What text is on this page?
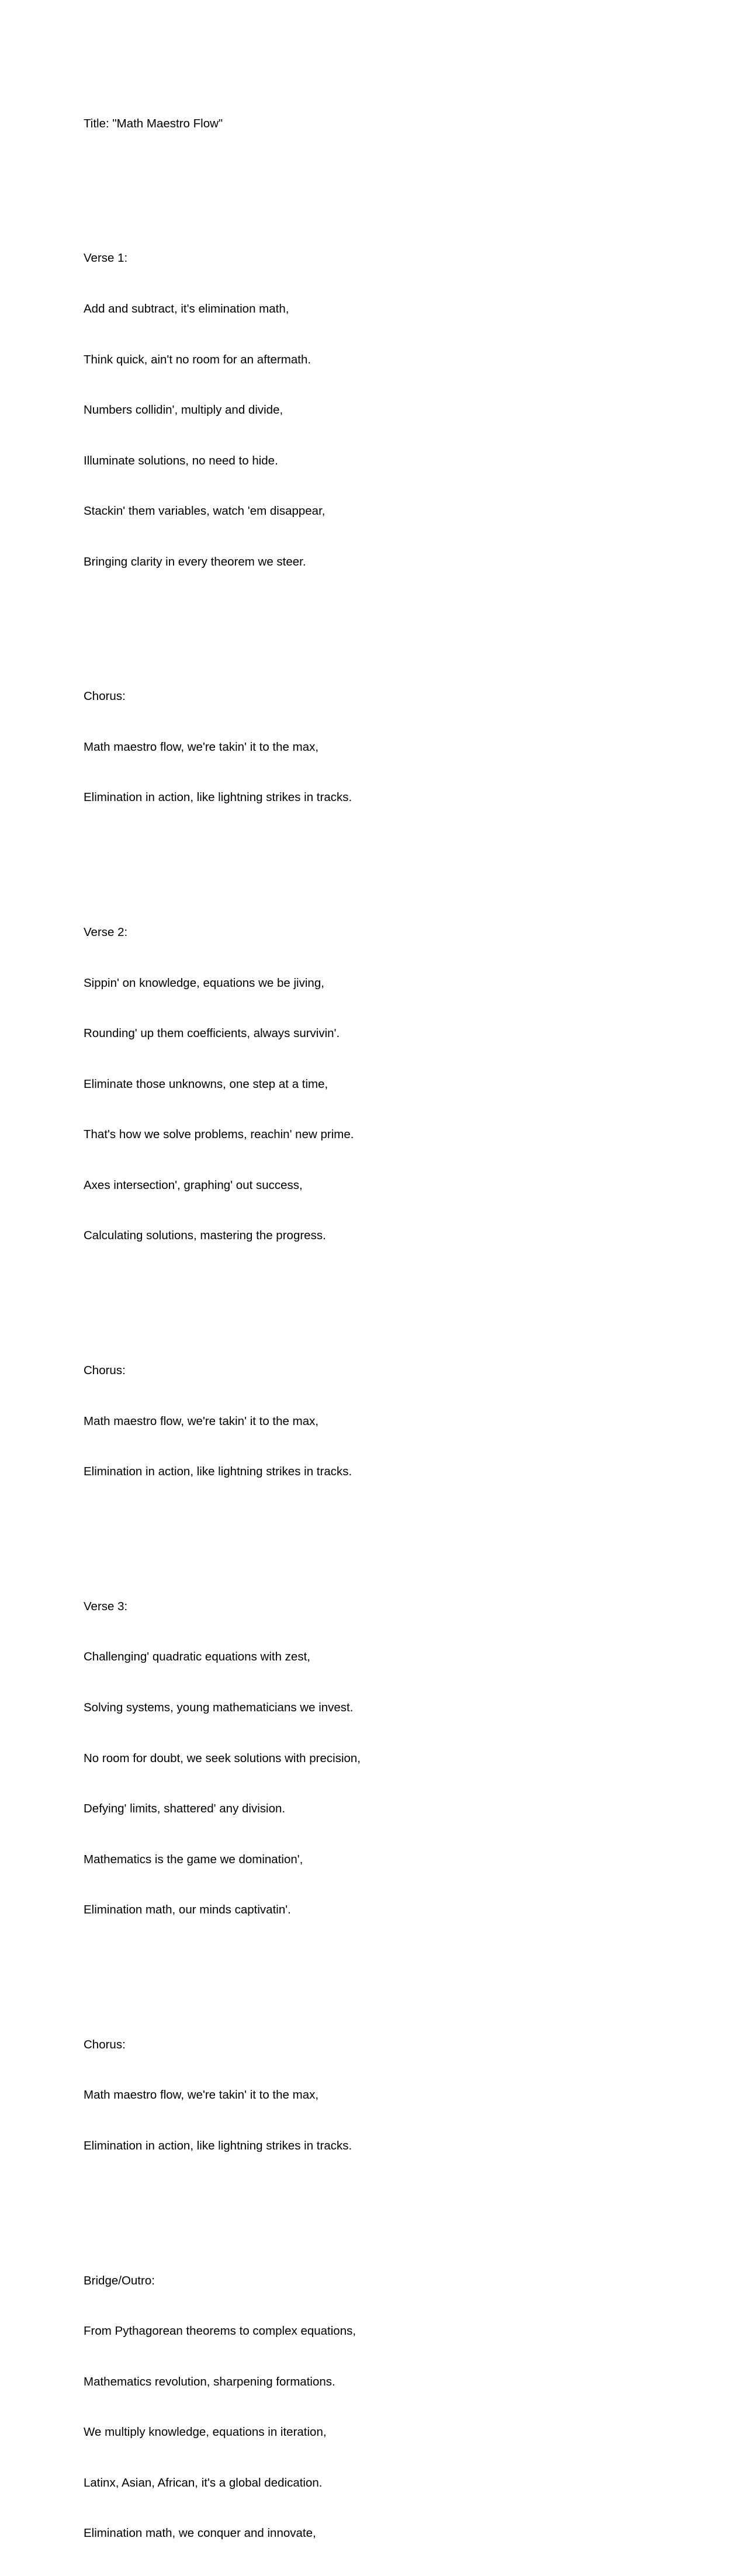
Title: "Math Maestro Flow"

Verse 1:

Add and subtract, it's elimination math,

Think quick, ain't no room for an aftermath.

Numbers collidin', multiply and divide,

Illuminate solutions, no need to hide.

Stackin' them variables, watch 'em disappear,

Bringing clarity in every theorem we steer.

Chorus:

Math maestro flow, we're takin' it to the max,

Elimination in action, like lightning strikes in tracks.

Verse 2:

Sippin' on knowledge, equations we be jiving,

Rounding' up them coefficients, always survivin'.

Eliminate those unknowns, one step at a time,

That's how we solve problems, reachin' new prime.

Axes intersection', graphing' out success,

Calculating solutions, mastering the progress.

Chorus:

Math maestro flow, we're takin' it to the max,

Elimination in action, like lightning strikes in tracks.

Verse 3:

Challenging' quadratic equations with zest,

Solving systems, young mathematicians we invest.

No room for doubt, we seek solutions with precision,

Defying' limits, shattered' any division.

Mathematics is the game we domination',

Elimination math, our minds captivatin'.

Chorus:

Math maestro flow, we're takin' it to the max,

Elimination in action, like lightning strikes in tracks.

Bridge/Outro:

From Pythagorean theorems to complex equations,

Mathematics revolution, sharpening formations.

We multiply knowledge, equations in iteration,

Latinx, Asian, African, it's a global dedication.

Elimination math, we conquer and innovate,
